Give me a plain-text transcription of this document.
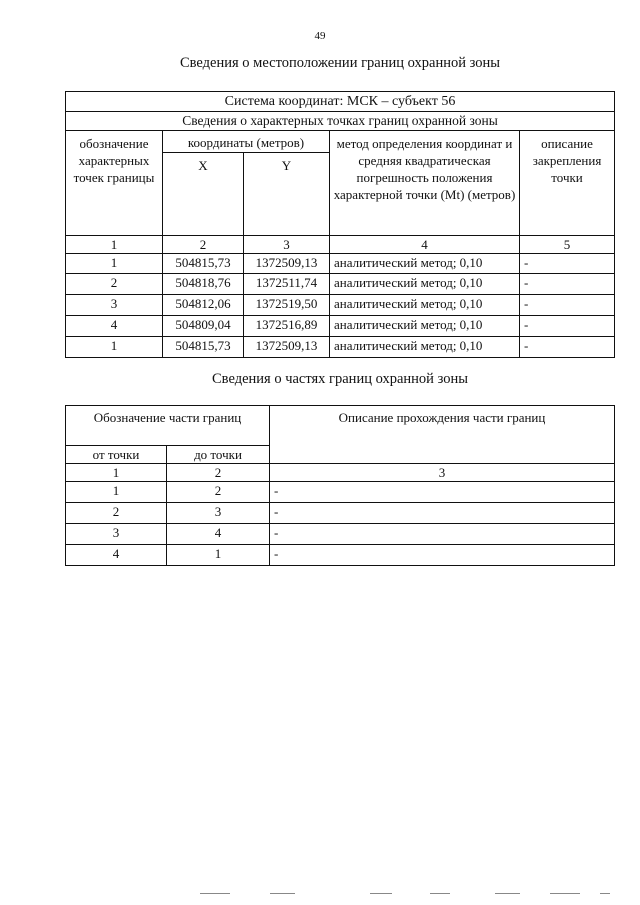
49
Сведения о местоположении границ охранной зоны
Система координат: МСК – субъект 56				
Сведения о характерных точках границ охранной зоны				
обозначение характерных точек границы	координаты (метров)		метод определения координат и средняя квадратическая погрешность положения характерной точки (Mt) (метров)	описание закрепления точки
	X	Y		
1	2	3	4	5
1	504815,73	1372509,13	аналитический метод; 0,10	-
2	504818,76	1372511,74	аналитический метод; 0,10	-
3	504812,06	1372519,50	аналитический метод; 0,10	-
4	504809,04	1372516,89	аналитический метод; 0,10	-
1	504815,73	1372509,13	аналитический метод; 0,10	-
Сведения о частях границ охранной зоны
Обозначение части границ		Описание прохождения части границ
от точки	до точки	
1	2	3
1	2	-
2	3	-
3	4	-
4	1	-
